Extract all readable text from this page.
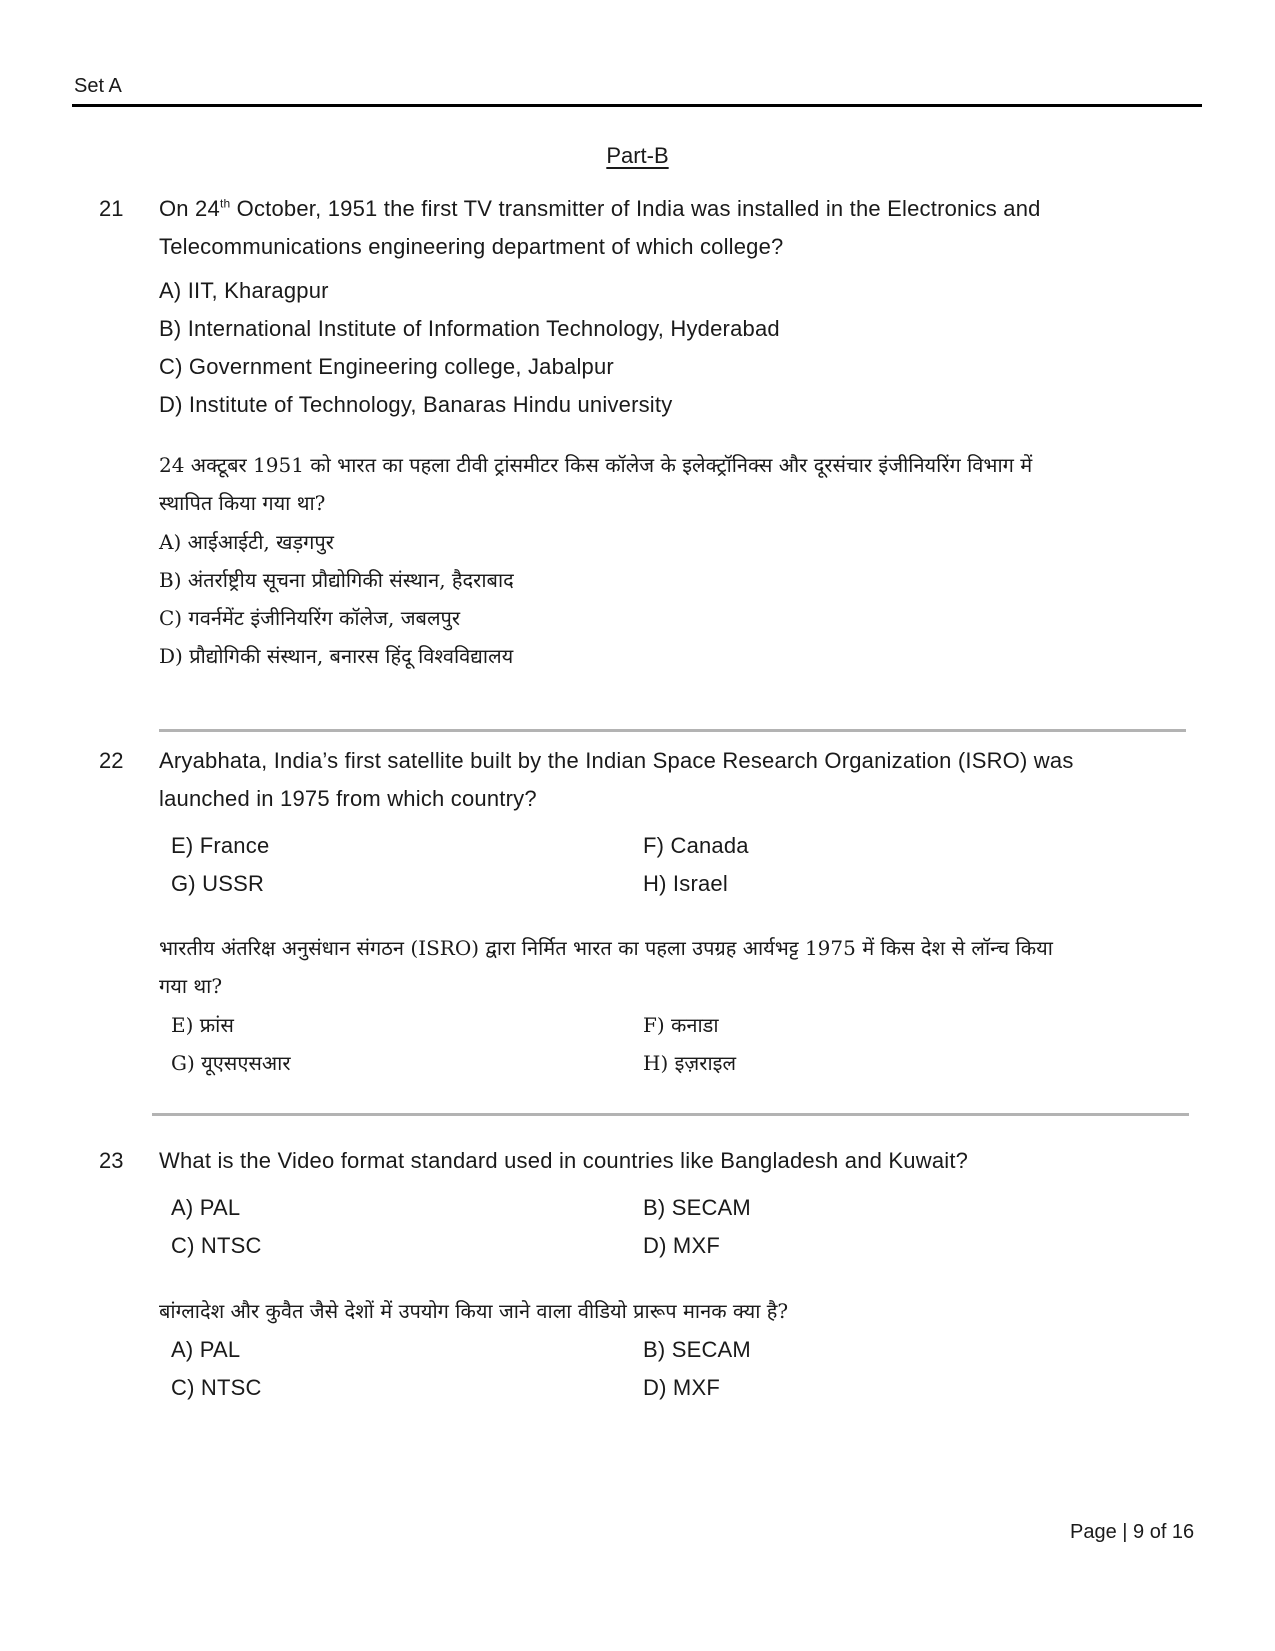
Set A
Part-B
21 On 24th October, 1951 the first TV transmitter of India was installed in the Electronics and
Telecommunications engineering department of which college?
A) IIT, Kharagpur
B) International Institute of Information Technology, Hyderabad
C) Government Engineering college, Jabalpur
D) Institute of Technology, Banaras Hindu university
24 अक्टूबर 1951 को भारत का पहला टीवी ट्रांसमीटर किस कॉलेज के इलेक्ट्रॉनिक्स और दूरसंचार इंजीनियरिंग विभाग में
स्थापित किया गया था?
A) आईआईटी, खड़गपुर
B) अंतर्राष्ट्रीय सूचना प्रौद्योगिकी संस्थान, हैदराबाद
C) गवर्नमेंट इंजीनियरिंग कॉलेज, जबलपुर
D) प्रौद्योगिकी संस्थान, बनारस हिंदू विश्वविद्यालय
22 Aryabhata, India’s first satellite built by the Indian Space Research Organization (ISRO) was
launched in 1975 from which country?
E) France	F) Canada
G) USSR	H) Israel
भारतीय अंतरिक्ष अनुसंधान संगठन (ISRO) द्वारा निर्मित भारत का पहला उपग्रह आर्यभट्ट 1975 में किस देश से लॉन्च किया
गया था?
E) फ्रांस	F) कनाडा
G) यूएसएसआर	H) इज़राइल
23 What is the Video format standard used in countries like Bangladesh and Kuwait?
A) PAL	B) SECAM
C) NTSC	D) MXF
बांग्लादेश और कुवैत जैसे देशों में उपयोग किया जाने वाला वीडियो प्रारूप मानक क्या है?
A) PAL	B) SECAM
C) NTSC	D) MXF
Page | 9 of 16
